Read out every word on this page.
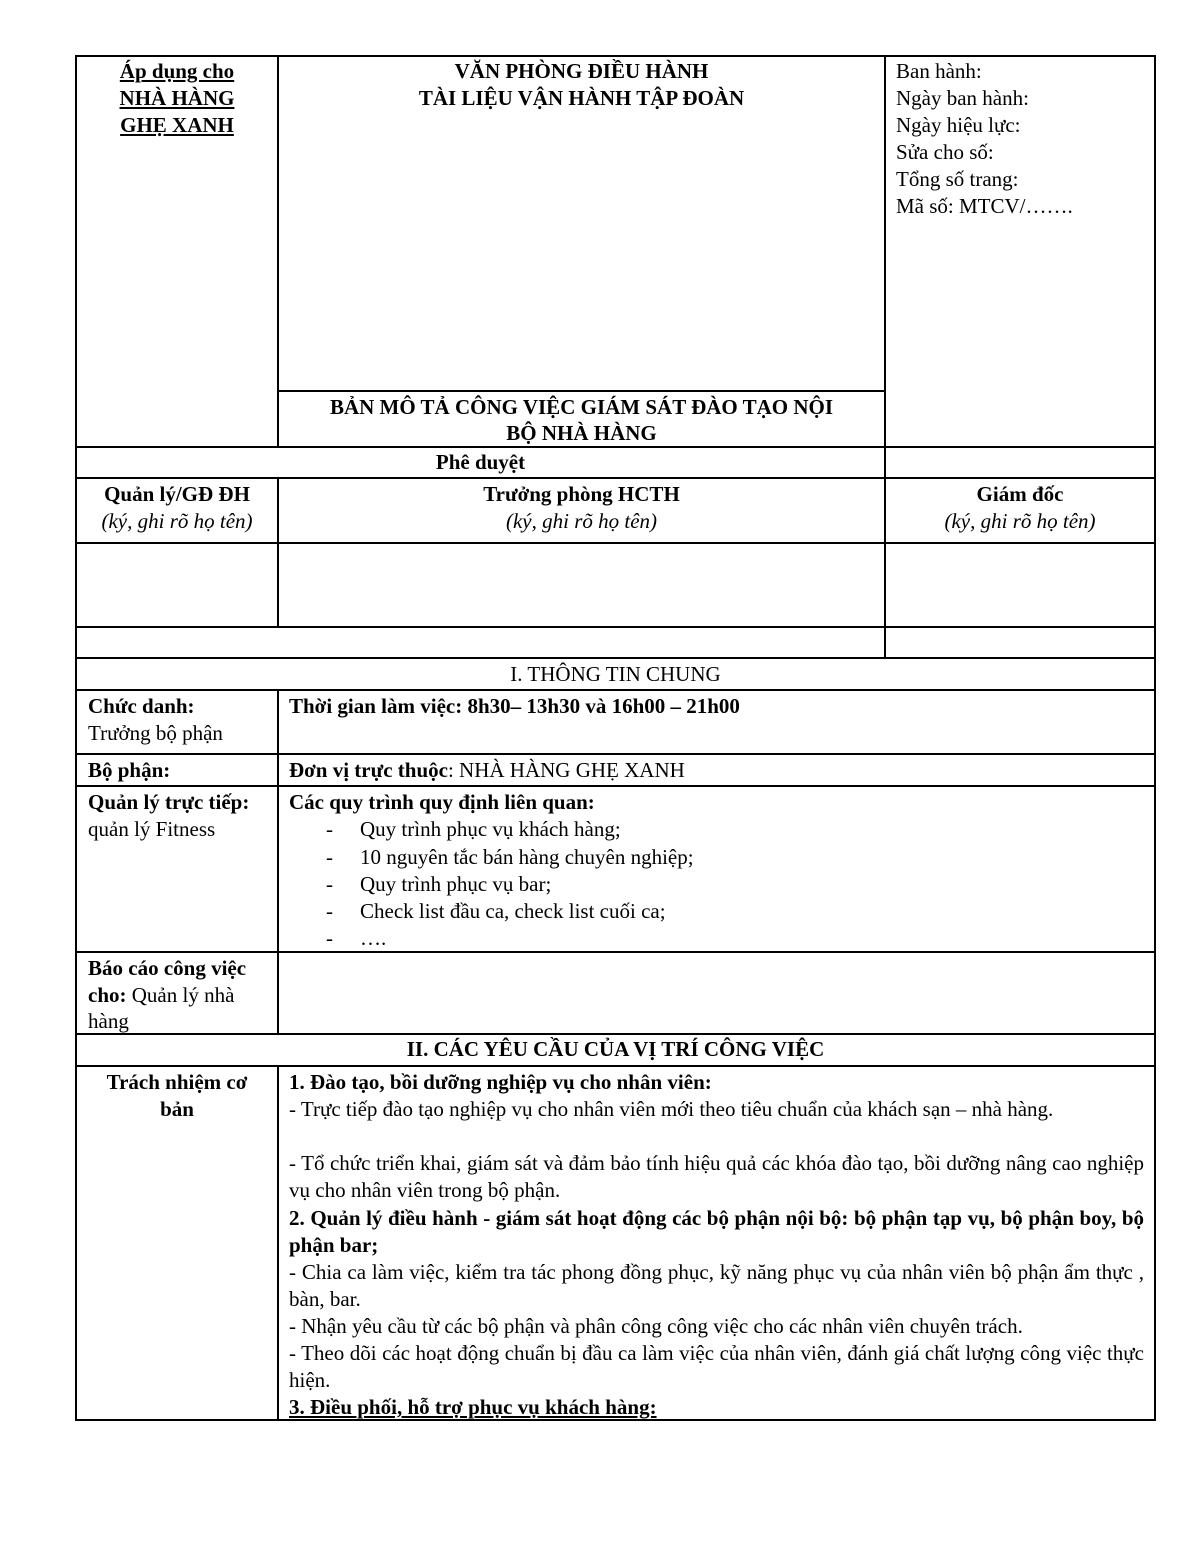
Áp dụng cho
NHÀ HÀNG
GHẸ XANH
VĂN PHÒNG ĐIỀU HÀNH
TÀI LIỆU VẬN HÀNH TẬP ĐOÀN
BẢN MÔ TẢ CÔNG VIỆC GIÁM SÁT ĐÀO TẠO NỘI
BỘ NHÀ HÀNG
Ban hành:
Ngày ban hành:
Ngày hiệu lực:
Sửa cho số:
Tổng số trang:
Mã số: MTCV/…….
Phê duyệt
Quản lý/GĐ ĐH
(ký, ghi rõ họ tên)
Trưởng phòng HCTH
(ký, ghi rõ họ tên)
Giám đốc
(ký, ghi rõ họ tên)
I. THÔNG TIN CHUNG
Chức danh:
Trưởng bộ phận
Thời gian làm việc: 8h30– 13h30 và 16h00 – 21h00
Bộ phận:	Đơn vị trực thuộc: NHÀ HÀNG GHẸ XANH
Quản lý trực tiếp:
quản lý Fitness
Các quy trình quy định liên quan:
- Quy trình phục vụ khách hàng;
- 10 nguyên tắc bán hàng chuyên nghiệp;
- Quy trình phục vụ bar;
- Check list đầu ca, check list cuối ca;
- ….
Báo cáo công việc
cho: Quản lý nhà
hàng
II. CÁC YÊU CẦU CỦA VỊ TRÍ CÔNG VIỆC
Trách nhiệm cơ
bản
1. Đào tạo, bồi dưỡng nghiệp vụ cho nhân viên:
- Trực tiếp đào tạo nghiệp vụ cho nhân viên mới theo tiêu chuẩn của khách sạn – nhà hàng.
- Tổ chức triển khai, giám sát và đảm bảo tính hiệu quả các khóa đào tạo, bồi dưỡng nâng cao nghiệp vụ cho nhân viên trong bộ phận.
2. Quản lý điều hành - giám sát hoạt động các bộ phận nội bộ: bộ phận tạp vụ, bộ phận boy, bộ phận bar;
- Chia ca làm việc, kiểm tra tác phong đồng phục, kỹ năng phục vụ của nhân viên bộ phận ẩm thực , bàn, bar.
- Nhận yêu cầu từ các bộ phận và phân công công việc cho các nhân viên chuyên trách.
- Theo dõi các hoạt động chuẩn bị đầu ca làm việc của nhân viên, đánh giá chất lượng công việc thực hiện.
3. Điều phối, hỗ trợ phục vụ khách hàng:
